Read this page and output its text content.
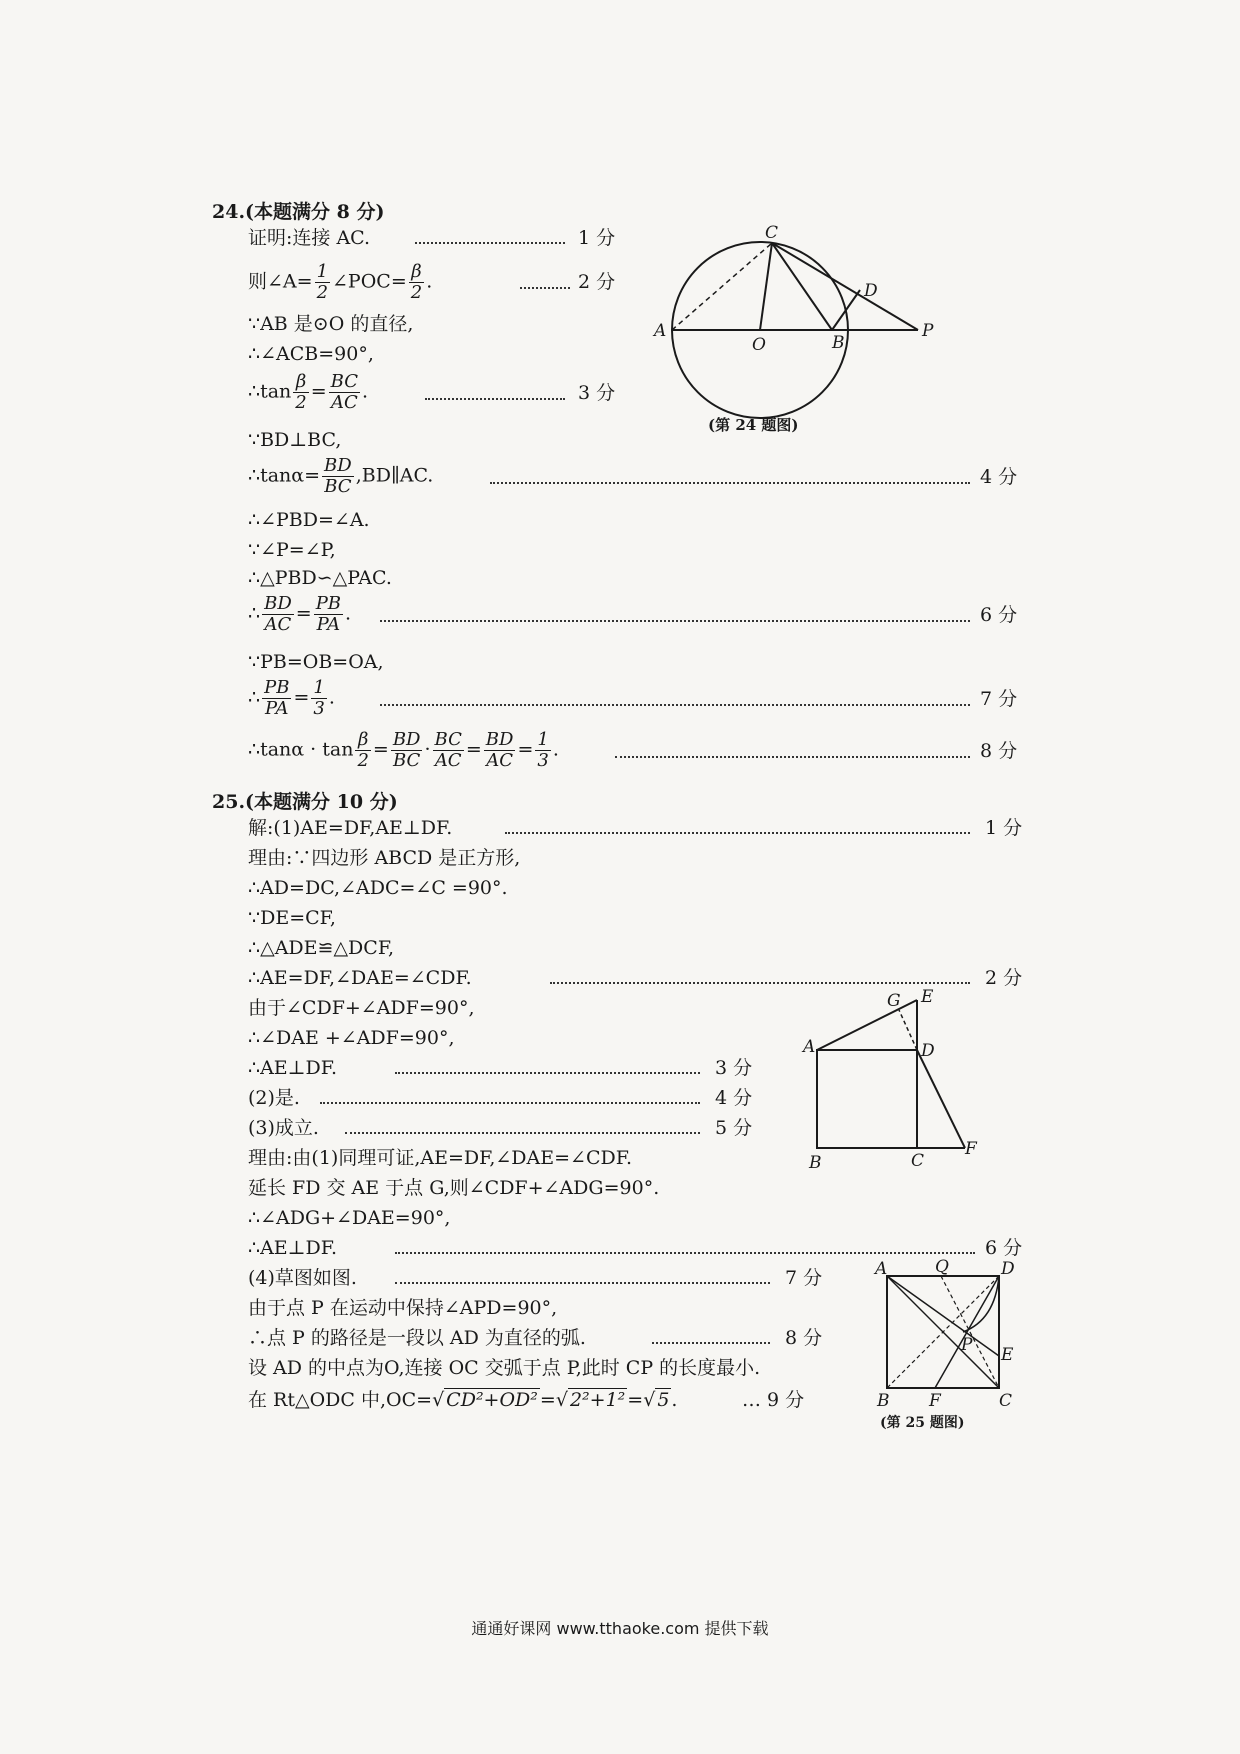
24.(本题满分 8 分)
证明:连接 AC.	1 分
则∠A= $\frac{1}{2}$ ∠POC= $\frac{\beta}{2}$ .	2 分
∵AB 是⊙O 的直径,
∴∠ACB=90°,
∴tan $\frac{\beta}{2} = \frac{BC}{AC}$ .	3 分
∵BD⊥BC,
∴tanα= $\frac{BD}{BC}$ ,BD∥AC.	4 分
∴∠PBD=∠A.
∵∠P=∠P,
∴△PBD∽△PAC.
∴ $\frac{BD}{AC} = \frac{PB}{PA}$ .	6 分
∵PB=OB=OA,
∴ $\frac{PB}{PA} = \frac{1}{3}$ .	7 分
∴tanα · $\tan \frac{\beta}{2} = \frac{BD}{BC} \cdot \frac{BC}{AC} = \frac{BD}{AC} = \frac{1}{3}$ .	8 分
A
O	B
C
D
P
(第 24 题图)
25.(本题满分 10 分)
解:(1)AE=DF,AE⊥DF.	1 分
理由:∵四边形 ABCD 是正方形,
∴AD=DC,∠ADC=∠C =90°.
∵DE=CF,
∴△ADE≌△DCF,
∴AE=DF,∠DAE=∠CDF.	2 分
由于∠CDF+∠ADF=90°,
∴∠DAE +∠ADF=90°,
∴AE⊥DF.	3 分
(2)是.	4 分
(3)成立.	5 分
理由:由(1)同理可证,AE=DF,∠DAE=∠CDF.
延长 FD 交 AE 于点 G,则∠CDF+∠ADG=90°.
∴∠ADG+∠DAE=90°,
∴AE⊥DF.	6 分
(4)草图如图.	7 分
由于点 P 在运动中保持∠APD=90°,
∴点 P 的路径是一段以 AD 为直径的弧.	8 分
设 AD 的中点为O,连接 OC 交弧于点 P,此时 CP 的长度最小.
在 Rt△ODC 中,OC=√ CD²+OD² =√ 2²+1² =√ 5 .	… 9 分
G E
A	D
B	C
F
A	Q	D
P E
B F	C
(第 25 题图)
通通好课网 www.tthaoke.com 提供下载
